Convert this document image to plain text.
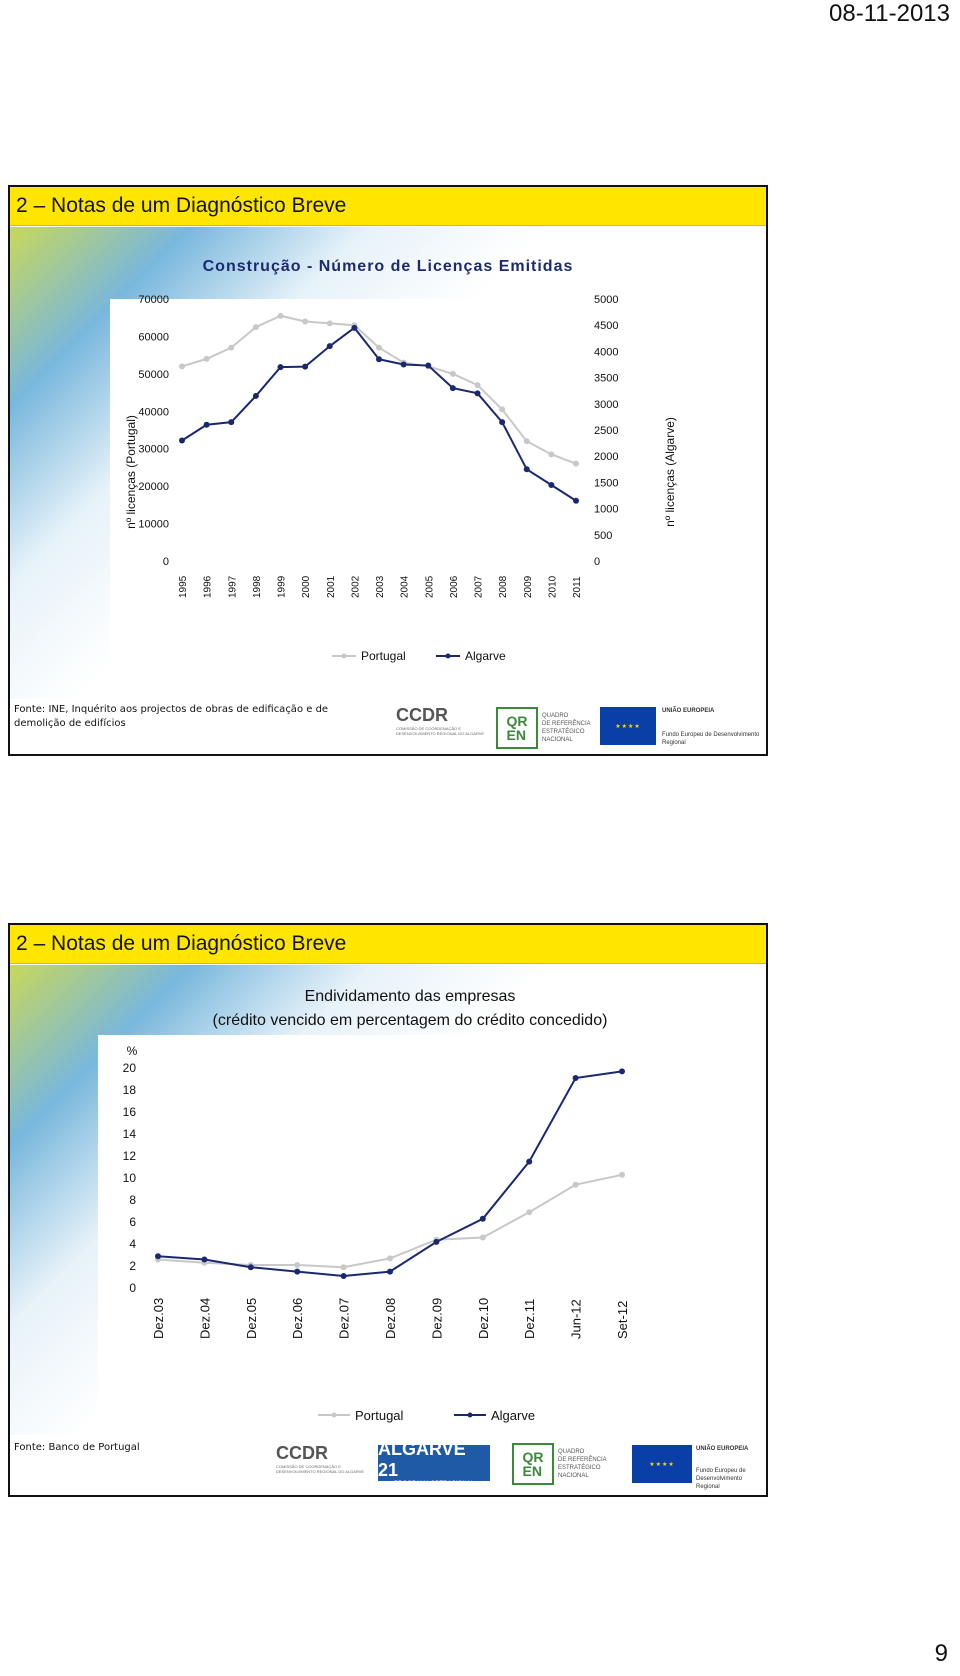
08-11-2013
2 – Notas de um Diagnóstico Breve
Construção - Número de Licenças Emitidas
0
10000
20000
30000
40000
50000
60000
70000
0
500
1000
1500
2000
2500
3000
3500
4000
4500
5000
1995 1996 1997 1998 1999 2000 2001 2002 2003 2004 2005 2006 2007 2008 2009 2010 2011
nº licenças (Portugal)	nº licenças (Algarve)
Portugal	Algarve
Fonte: INE, Inquérito aos projectos de obras de edificação e de demolição de edifícios	CCDR
COMISSÃO DE COORDENAÇÃO E DESENVOLVIMENTO REGIONAL DO ALGARVE
QR
EN
QUADRO
DE REFERÊNCIA
ESTRATÉGICO
NACIONAL
★★★★
UNIÃO EUROPEIA
Fundo Europeu de Desenvolvimento Regional
2 – Notas de um Diagnóstico Breve
Endividamento das empresas
(crédito vencido em percentagem do crédito concedido)
%
0
2
4
6
8
10
12
14
16
18
20
Dez.03 Dez.04 Dez.05 Dez.06 Dez.07 Dez.08 Dez.09 Dez.10 Dez.11 Jun-12 Set-12
Portugal	Algarve
Fonte: Banco de Portugal	CCDR
COMISSÃO DE COORDENAÇÃO E DESENVOLVIMENTO REGIONAL DO ALGARVE
ALGARVE 21
PROGRAMA OPERACIONAL
QR
EN
QUADRO
DE REFERÊNCIA
ESTRATÉGICO
NACIONAL
★★★★
UNIÃO EUROPEIA
Fundo Europeu de Desenvolvimento Regional
9
